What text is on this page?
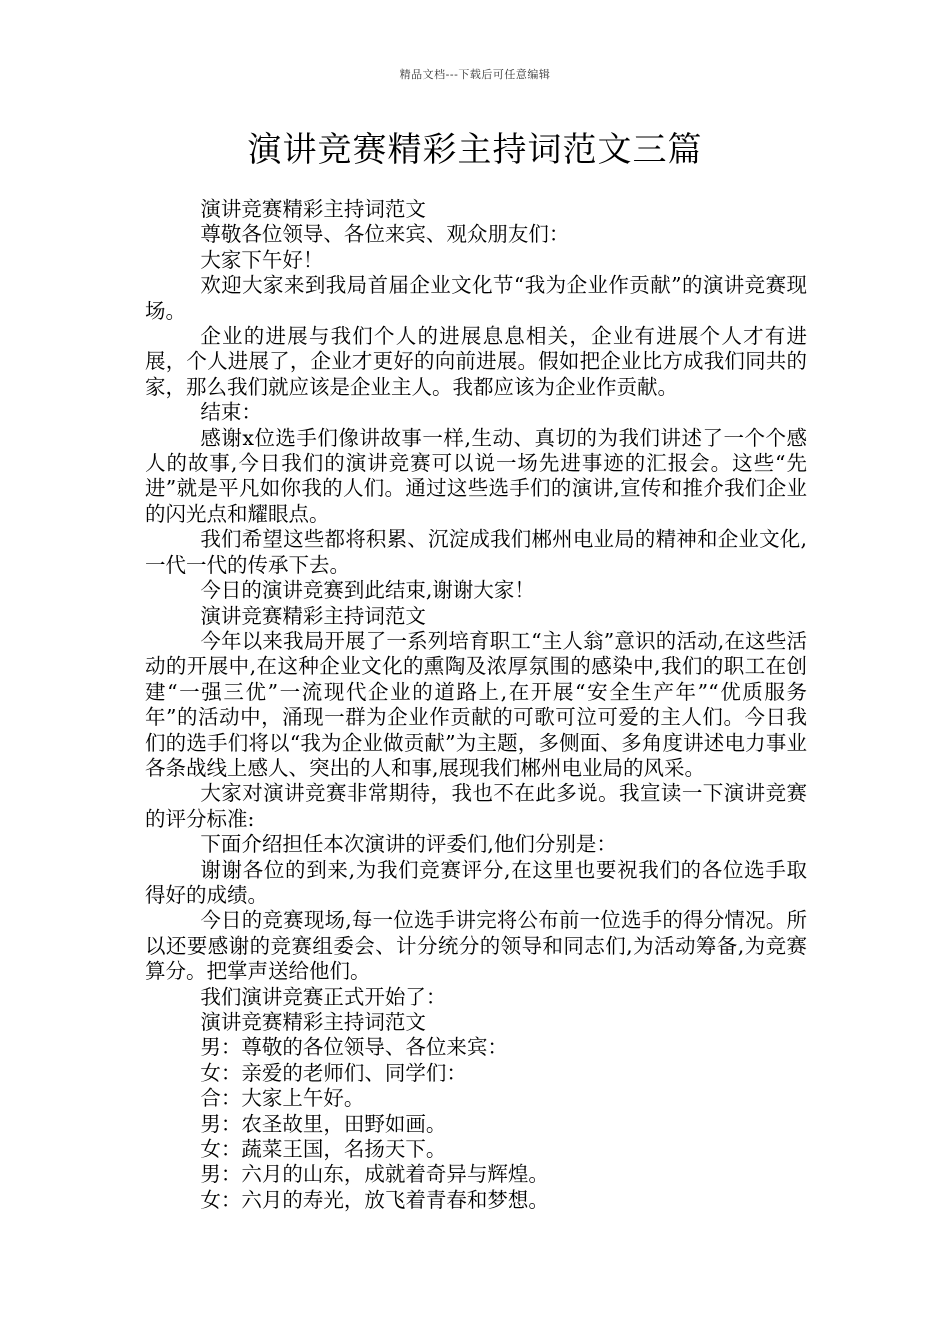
精品文档---下载后可任意编辑
演讲竞赛精彩主持词范文三篇

演讲竞赛精彩主持词范文

尊敬各位领导、各位来宾、观众朋友们：

大家下午好！

欢迎大家来到我局首届企业文化节“我为企业作贡献”的演讲竞赛现场。

企业的进展与我们个人的进展息息相关，企业有进展个人才有进展，个人进展了，企业才更好的向前进展。假如把企业比方成我们同共的家，那么我们就应该是企业主人。我都应该为企业作贡献。

结束：

感谢x位选手们像讲故事一样,生动、真切的为我们讲述了一个个感人的故事,今日我们的演讲竞赛可以说一场先进事迹的汇报会。这些“先进”就是平凡如你我的人们。通过这些选手们的演讲,宣传和推介我们企业的闪光点和耀眼点。

我们希望这些都将积累、沉淀成我们郴州电业局的精神和企业文化,一代一代的传承下去。

今日的演讲竞赛到此结束,谢谢大家！

演讲竞赛精彩主持词范文

今年以来我局开展了一系列培育职工“主人翁”意识的活动,在这些活动的开展中,在这种企业文化的熏陶及浓厚氛围的感染中,我们的职工在创建“一强三优”一流现代企业的道路上,在开展“安全生产年”“优质服务年”的活动中，涌现一群为企业作贡献的可歌可泣可爱的主人们。今日我们的选手们将以“我为企业做贡献”为主题，多侧面、多角度讲述电力事业各条战线上感人、突出的人和事,展现我们郴州电业局的风采。

大家对演讲竞赛非常期待，我也不在此多说。我宣读一下演讲竞赛的评分标准:

下面介绍担任本次演讲的评委们,他们分别是：

谢谢各位的到来,为我们竞赛评分,在这里也要祝我们的各位选手取得好的成绩。

今日的竞赛现场,每一位选手讲完将公布前一位选手的得分情况。所以还要感谢的竞赛组委会、计分统分的领导和同志们,为活动筹备,为竞赛算分。把掌声送给他们。

我们演讲竞赛正式开始了：

演讲竞赛精彩主持词范文

男：尊敬的各位领导、各位来宾：

女：亲爱的老师们、同学们：

合：大家上午好。

男：农圣故里，田野如画。

女：蔬菜王国，名扬天下。

男：六月的山东，成就着奇异与辉煌。

女：六月的寿光，放飞着青春和梦想。
